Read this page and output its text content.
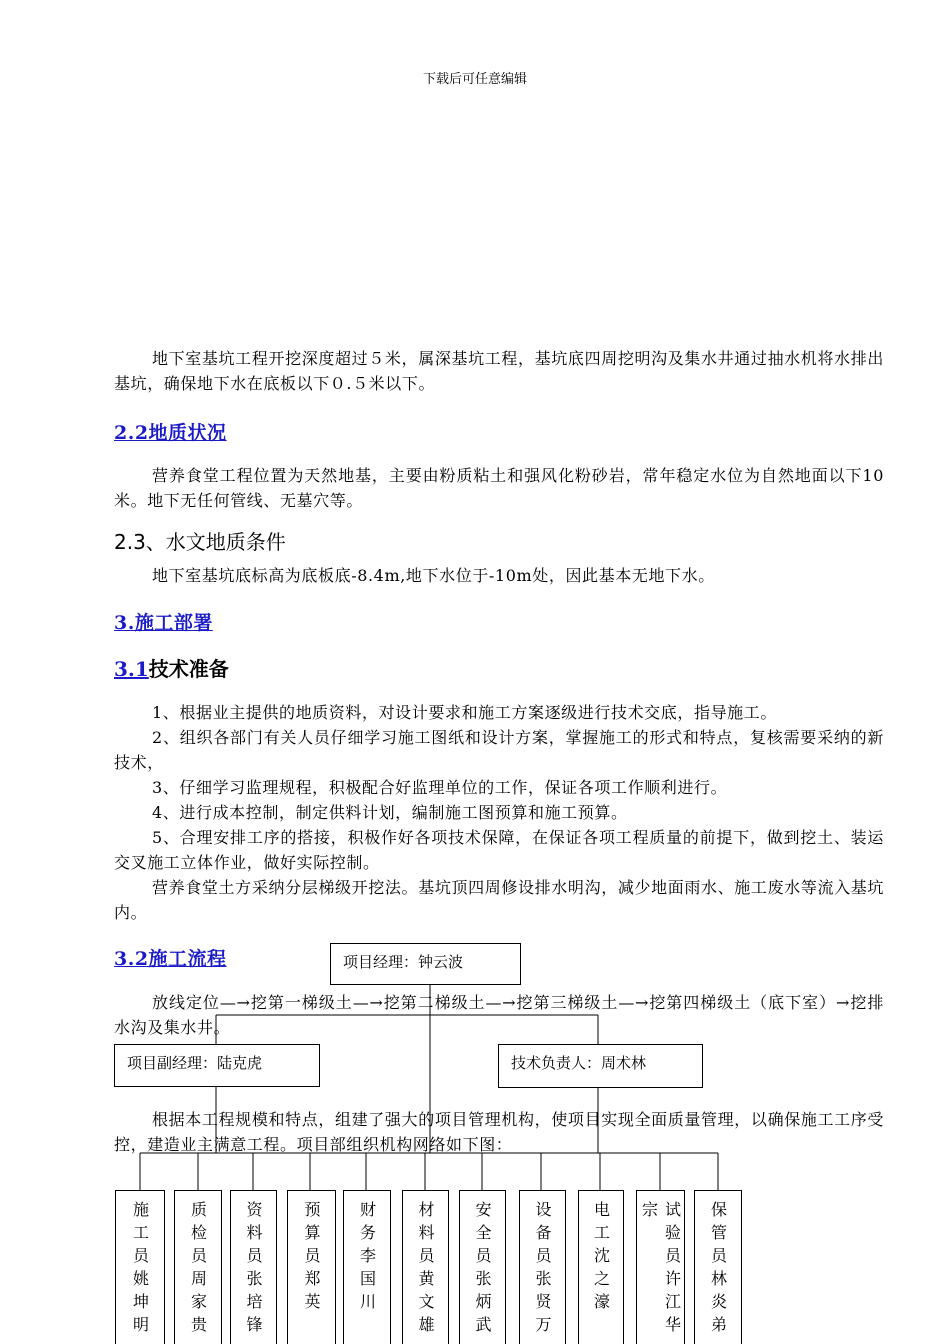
下载后可任意编辑
地下室基坑工程开挖深度超过５米，属深基坑工程，基坑底四周挖明沟及集水井通过抽水机将水排出基坑，确保地下水在底板以下０.５米以下。
2.2地质状况
营养食堂工程位置为天然地基，主要由粉质粘土和强风化粉砂岩，常年稳定水位为自然地面以下10米。地下无任何管线、无墓穴等。
2.3、水文地质条件
地下室基坑底标高为底板底-8.4m,地下水位于-10m处，因此基本无地下水。
3.施工部署
3.1技术准备
1、根据业主提供的地质资料，对设计要求和施工方案逐级进行技术交底，指导施工。
2、组织各部门有关人员仔细学习施工图纸和设计方案，掌握施工的形式和特点，复核需要采纳的新技术，
3、仔细学习监理规程，积极配合好监理单位的工作，保证各项工作顺利进行。
4、进行成本控制，制定供料计划，编制施工图预算和施工预算。
5、合理安排工序的搭接，积极作好各项技术保障，在保证各项工程质量的前提下，做到挖土、装运交叉施工立体作业，做好实际控制。
营养食堂土方采纳分层梯级开挖法。基坑顶四周修设排水明沟，减少地面雨水、施工废水等流入基坑内。
3.2施工流程
放线定位—→挖第一梯级土—→挖第二梯级土—→挖第三梯级土—→挖第四梯级土（底下室）→挖排水沟及集水井。
根据本工程规模和特点，组建了强大的项目管理机构，使项目实现全面质量管理，以确保施工工序受控，建造业主满意工程。项目部组织机构网络如下图：
项目经理：钟云波
项目副经理：陆克虎	技术负责人：周术林
施工员姚坤明 质检员周家贵 资料员张培锋 预算员郑英 财务李国川 材料员黄文雄 安全员张炳武	设备员张贤万 电工沈之濠	试验员许江华宗	保管员林炎弟
